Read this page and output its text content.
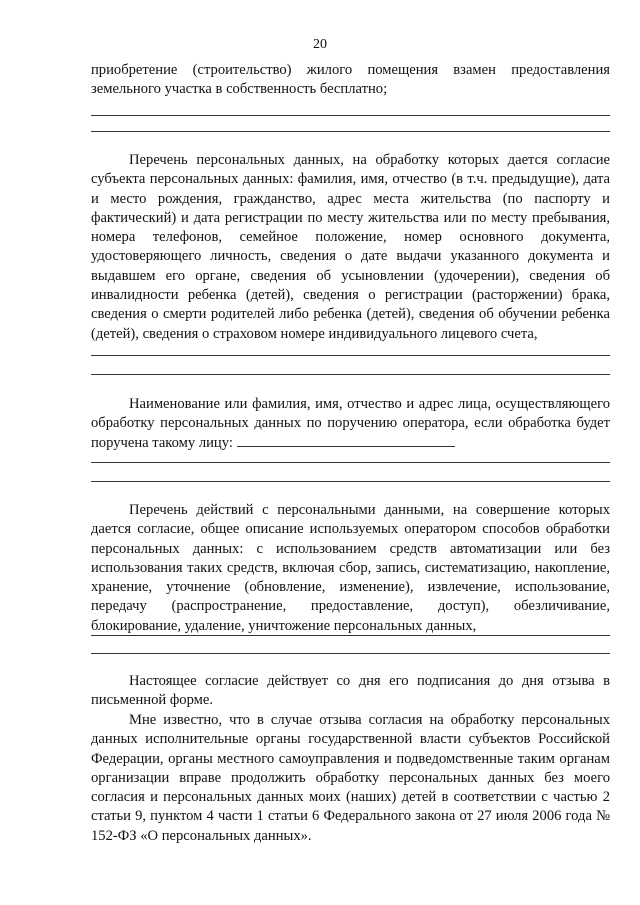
20

приобретение (строительство) жилого помещения взамен предоставления земельного участка в собственность бесплатно;

Перечень персональных данных, на обработку которых дается согласие субъекта персональных данных: фамилия, имя, отчество (в т.ч. предыдущие), дата и место рождения, гражданство, адрес места жительства (по паспорту и фактический) и дата регистрации по месту жительства или по месту пребывания, номера телефонов, семейное положение, номер основного документа, удостоверяющего личность, сведения о дате выдачи указанного документа и выдавшем его органе, сведения об усыновлении (удочерении), сведения об инвалидности ребенка (детей), сведения о регистрации (расторжении) брака, сведения о смерти родителей либо ребенка (детей), сведения об обучении ребенка (детей), сведения о страховом номере индивидуального лицевого счета,

Наименование или фамилия, имя, отчество и адрес лица, осуществляющего обработку персональных данных по поручению оператора, если обработка будет поручена такому лицу:

Перечень действий с персональными данными, на совершение которых дается согласие, общее описание используемых оператором способов обработки персональных данных: с использованием средств автоматизации или без использования таких средств, включая сбор, запись, систематизацию, накопление, хранение, уточнение (обновление, изменение), извлечение, использование, передачу (распространение, предоставление, доступ), обезличивание, блокирование, удаление, уничтожение персональных данных,

Настоящее согласие действует со дня его подписания до дня отзыва в письменной форме.

Мне известно, что в случае отзыва согласия на обработку персональных данных исполнительные органы государственной власти субъектов Российской Федерации, органы местного самоуправления и подведомственные таким органам организации вправе продолжить обработку персональных данных без моего согласия и персональных данных моих (наших) детей в соответствии с частью 2 статьи 9, пунктом 4 части 1 статьи 6 Федерального закона от 27 июля 2006 года № 152-ФЗ «О персональных данных».
